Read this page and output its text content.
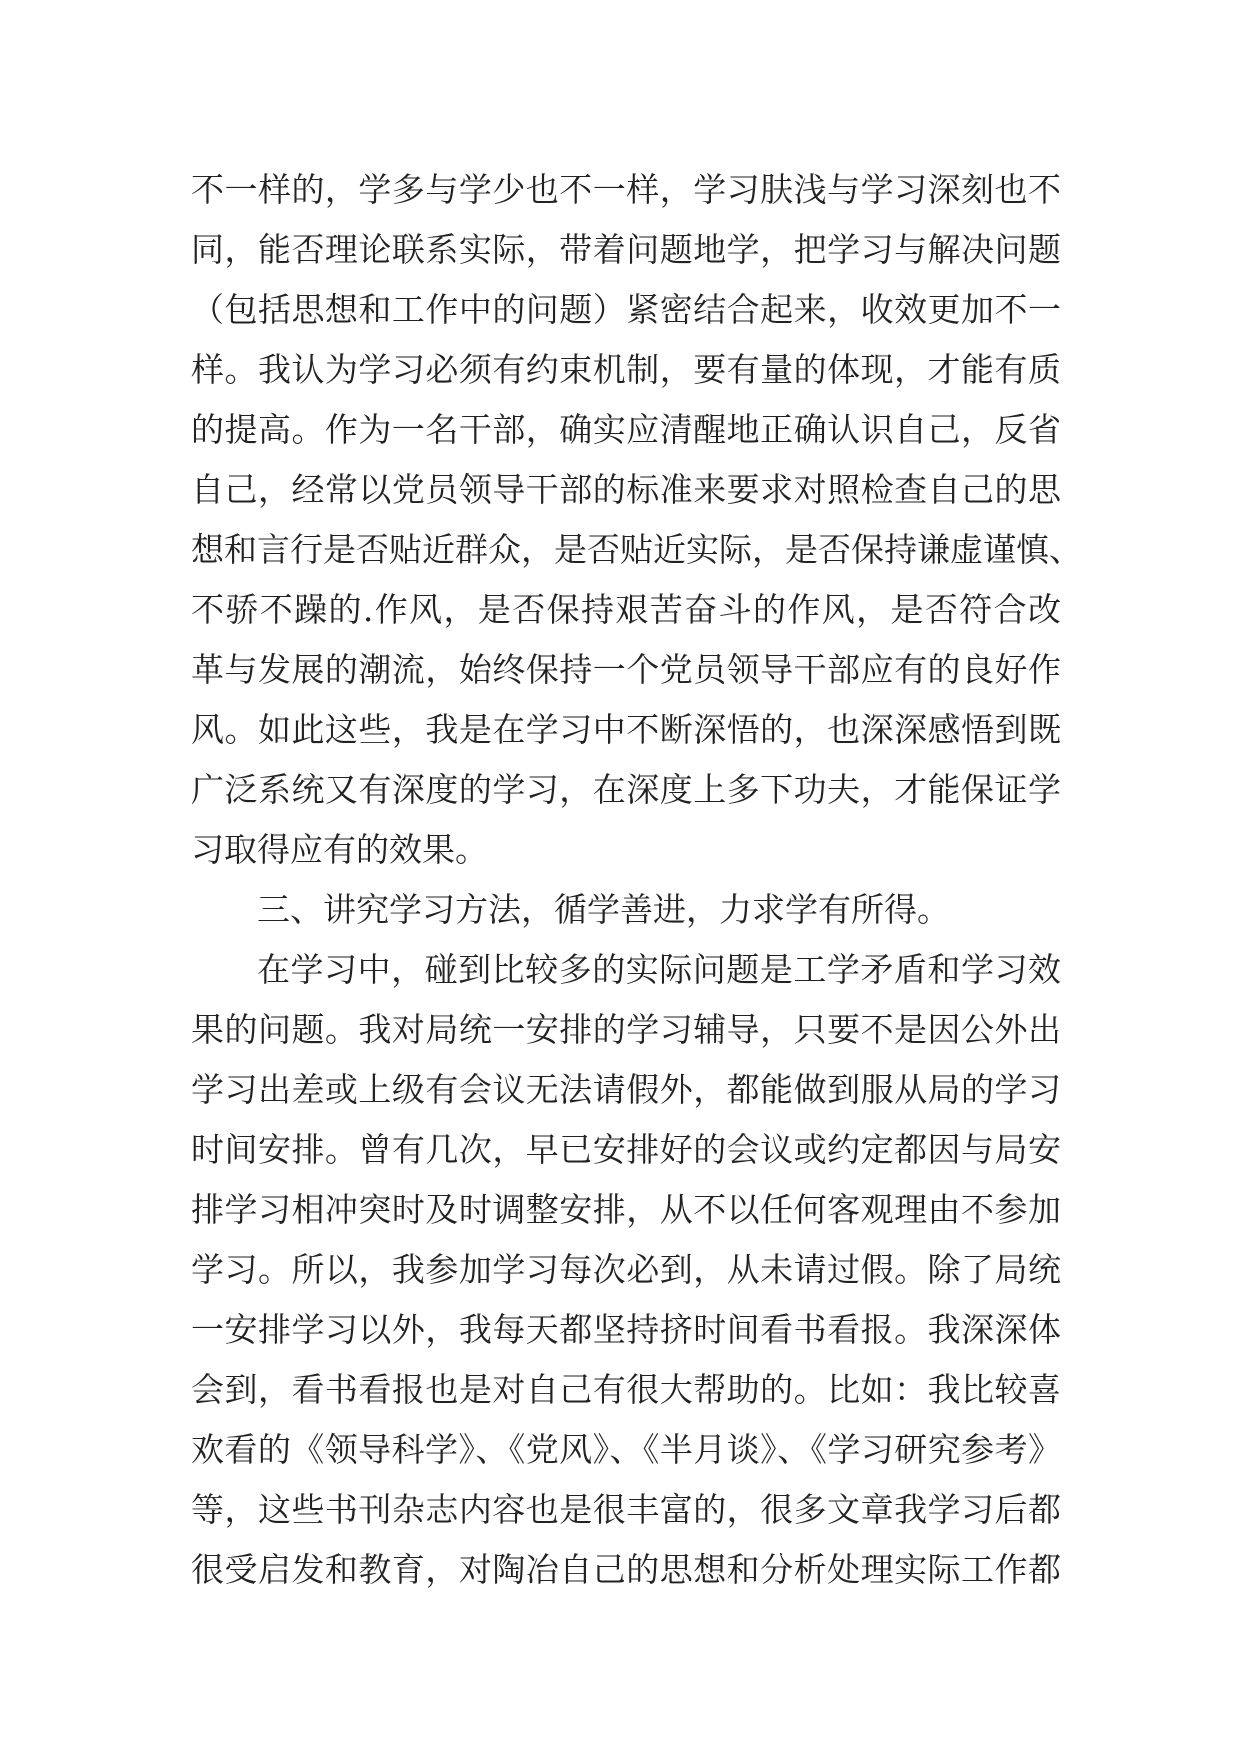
不一样的，学多与学少也不一样，学习肤浅与学习深刻也不
同，能否理论联系实际，带着问题地学，把学习与解决问题
（包括思想和工作中的问题）紧密结合起来，收效更加不一
样。我认为学习必须有约束机制，要有量的体现，才能有质
的提高。作为一名干部，确实应清醒地正确认识自己，反省
自己，经常以党员领导干部的标准来要求对照检查自己的思
想和言行是否贴近群众，是否贴近实际，是否保持谦虚谨慎、
不骄不躁的.作风，是否保持艰苦奋斗的作风，是否符合改
革与发展的潮流，始终保持一个党员领导干部应有的良好作
风。如此这些，我是在学习中不断深悟的，也深深感悟到既
广泛系统又有深度的学习，在深度上多下功夫，才能保证学
习取得应有的效果。
三、讲究学习方法，循学善进，力求学有所得。
在学习中，碰到比较多的实际问题是工学矛盾和学习效
果的问题。我对局统一安排的学习辅导，只要不是因公外出
学习出差或上级有会议无法请假外，都能做到服从局的学习
时间安排。曾有几次，早已安排好的会议或约定都因与局安
排学习相冲突时及时调整安排，从不以任何客观理由不参加
学习。所以，我参加学习每次必到，从未请过假。除了局统
一安排学习以外，我每天都坚持挤时间看书看报。我深深体
会到，看书看报也是对自己有很大帮助的。比如：我比较喜
欢看的《领导科学》、《党风》、《半月谈》、《学习研究参考》
等，这些书刊杂志内容也是很丰富的，很多文章我学习后都
很受启发和教育，对陶冶自己的思想和分析处理实际工作都
